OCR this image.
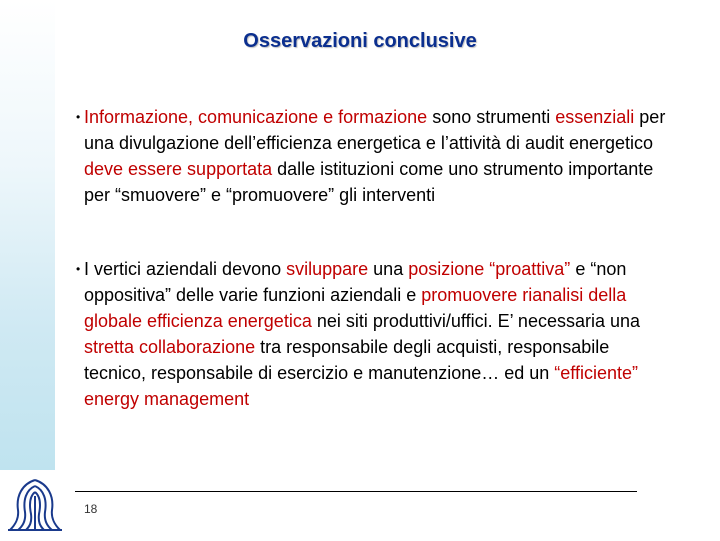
Osservazioni conclusive
• Informazione, comunicazione e formazione sono strumenti essenziali per una divulgazione dell’efficienza energetica e l’attività di audit energetico deve essere supportata dalle istituzioni come uno strumento importante per “smuovere” e “promuovere” gli interventi
• I vertici aziendali devono sviluppare una posizione “proattiva” e “non oppositiva” delle varie funzioni aziendali e promuovere rianalisi della globale efficienza energetica nei siti produttivi/uffici. E’ necessaria una stretta collaborazione tra responsabile degli acquisti, responsabile tecnico, responsabile di esercizio e manutenzione… ed un “efficiente” energy management
18
